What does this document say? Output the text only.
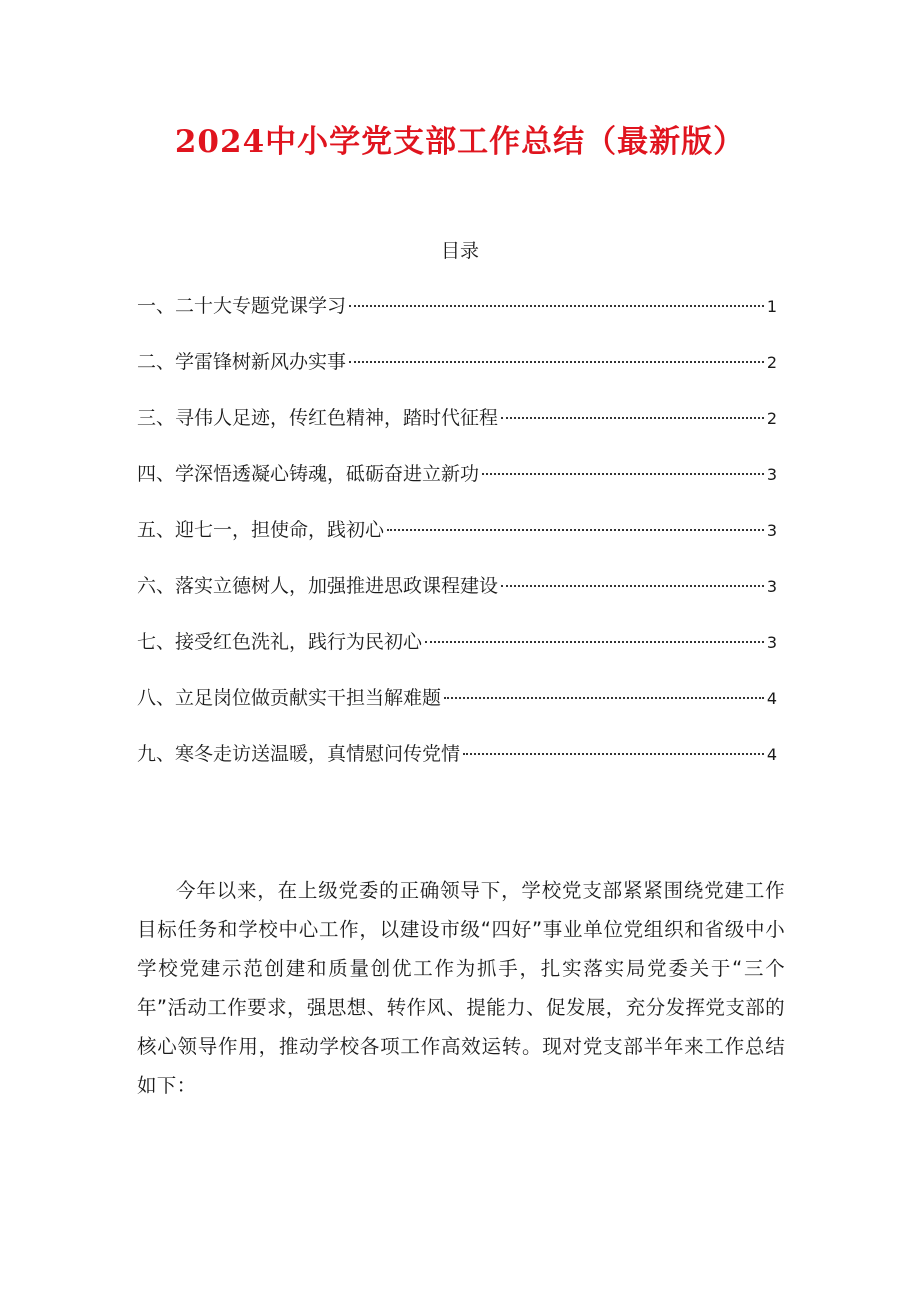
2024中小学党支部工作总结（最新版）
目录
一、二十大专题党课学习	1
二、学雷锋树新风办实事	2
三、寻伟人足迹，传红色精神，踏时代征程	2
四、学深悟透凝心铸魂，砥砺奋进立新功	3
五、迎七一，担使命，践初心	3
六、落实立德树人，加强推进思政课程建设	3
七、接受红色洗礼，践行为民初心	3
八、立足岗位做贡献实干担当解难题	4
九、寒冬走访送温暖，真情慰问传党情	4

今年以来，在上级党委的正确领导下，学校党支部紧紧围绕党建工作目标任务和学校中心工作，以建设市级“四好”事业单位党组织和省级中小学校党建示范创建和质量创优工作为抓手，扎实落实局党委关于“三个年”活动工作要求，强思想、转作风、提能力、促发展，充分发挥党支部的核心领导作用，推动学校各项工作高效运转。现对党支部半年来工作总结如下：
